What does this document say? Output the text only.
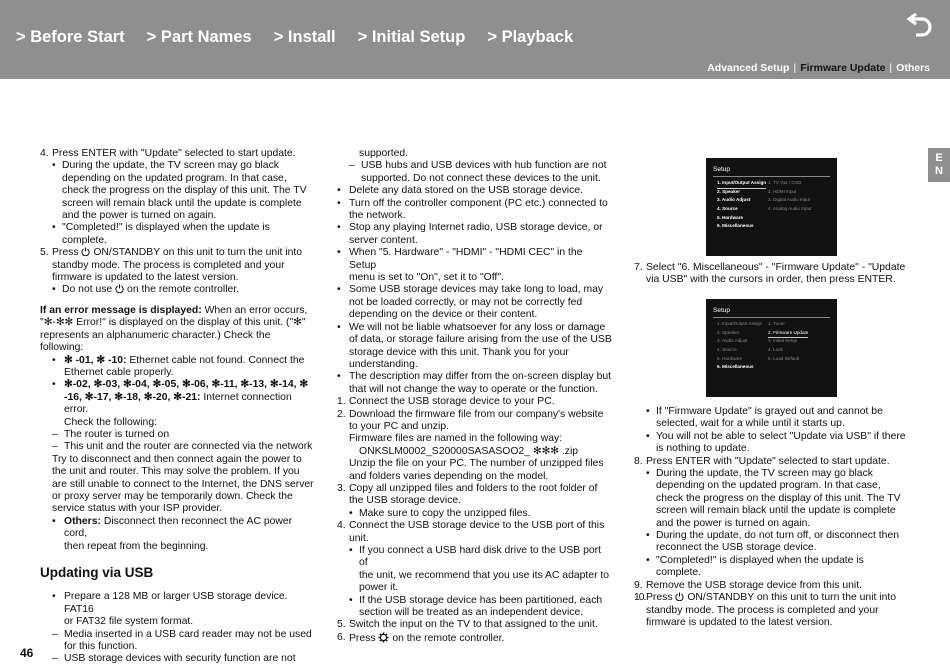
> Before Start > Part Names > Install > Initial Setup > Playback
Advanced Setup | Firmware Update | Others
E
N
4. Press ENTER with "Update" selected to start update.
• During the update, the TV screen may go black
depending on the updated program. In that case,
check the progress on the display of this unit. The TV
screen will remain black until the update is complete
and the power is turned on again.
• "Completed!" is displayed when the update is
complete.
5. Press ON/STANDBY on this unit to turn the unit into
standby mode. The process is completed and your
firmware is updated to the latest version.
• Do not use on the remote controller.
If an error message is displayed: When an error occurs,
"✻-✻✻ Error!" is displayed on the display of this unit. ("✻"
represents an alphanumeric character.) Check the
following:
• ✻ -01, ✻ -10: Ethernet cable not found. Connect the
Ethernet cable properly.
• ✻-02, ✻-03, ✻-04, ✻-05, ✻-06, ✻-11, ✻-13, ✻-14, ✻
-16, ✻-17, ✻-18, ✻-20, ✻-21: Internet connection error.
Check the following:
– The router is turned on
– This unit and the router are connected via the network
Try to disconnect and then connect again the power to
the unit and router. This may solve the problem. If you
are still unable to connect to the Internet, the DNS server
or proxy server may be temporarily down. Check the
service status with your ISP provider.
• Others: Disconnect then reconnect the AC power cord,
then repeat from the beginning.
Updating via USB
• Prepare a 128 MB or larger USB storage device. FAT16
or FAT32 file system format.
– Media inserted in a USB card reader may not be used
for this function.
– USB storage devices with security function are not
supported.
– USB hubs and USB devices with hub function are not
supported. Do not connect these devices to the unit.
• Delete any data stored on the USB storage device.
• Turn off the controller component (PC etc.) connected to
the network.
• Stop any playing Internet radio, USB storage device, or
server content.
• When "5. Hardware" - "HDMI" - "HDMI CEC" in the Setup
menu is set to "On", set it to "Off".
• Some USB storage devices may take long to load, may
not be loaded correctly, or may not be correctly fed
depending on the device or their content.
• We will not be liable whatsoever for any loss or damage
of data, or storage failure arising from the use of the USB
storage device with this unit. Thank you for your
understanding.
• The description may differ from the on-screen display but
that will not change the way to operate or the function.
1. Connect the USB storage device to your PC.
2. Download the firmware file from our company's website
to your PC and unzip.
Firmware files are named in the following way:
ONKSLM0002_S20000SASASOO2_ ✻✻✻ .zip
Unzip the file on your PC. The number of unzipped files
and folders varies depending on the model.
3. Copy all unzipped files and folders to the root folder of
the USB storage device.
• Make sure to copy the unzipped files.
4. Connect the USB storage device to the USB port of this
unit.
• If you connect a USB hard disk drive to the USB port of
the unit, we recommend that you use its AC adapter to
power it.
• If the USB storage device has been partitioned, each
section will be treated as an independent device.
5. Switch the input on the TV to that assigned to the unit.
6. Press on the remote controller.
Setup
1. Input/Output Assign
2. Speaker
3. Audio Adjust
4. Source
5. Hardware
6. Miscellaneous
1. TV Out / OSD
2. HDMI Input
3. Digital Audio Input
4. Analog Audio Input
Setup
1. Input/Output Assign
2. Speaker
3. Audio Adjust
4. Source
5. Hardware
6. Miscellaneous
1. Tuner
2. Firmware Update
3. Initial Setup
4. Lock
5. Load Default
7. Select "6. Miscellaneous" - "Firmware Update" - "Update
via USB" with the cursors in order, then press ENTER.
• If "Firmware Update" is grayed out and cannot be
selected, wait for a while until it starts up.
• You will not be able to select "Update via USB" if there
is nothing to update.
8. Press ENTER with "Update" selected to start update.
• During the update, the TV screen may go black
depending on the updated program. In that case,
check the progress on the display of this unit. The TV
screen will remain black until the update is complete
and the power is turned on again.
• During the update, do not turn off, or disconnect then
reconnect the USB storage device.
• "Completed!" is displayed when the update is
complete.
9. Remove the USB storage device from this unit.
10. Press ON/STANDBY on this unit to turn the unit into
standby mode. The process is completed and your
firmware is updated to the latest version.
46
